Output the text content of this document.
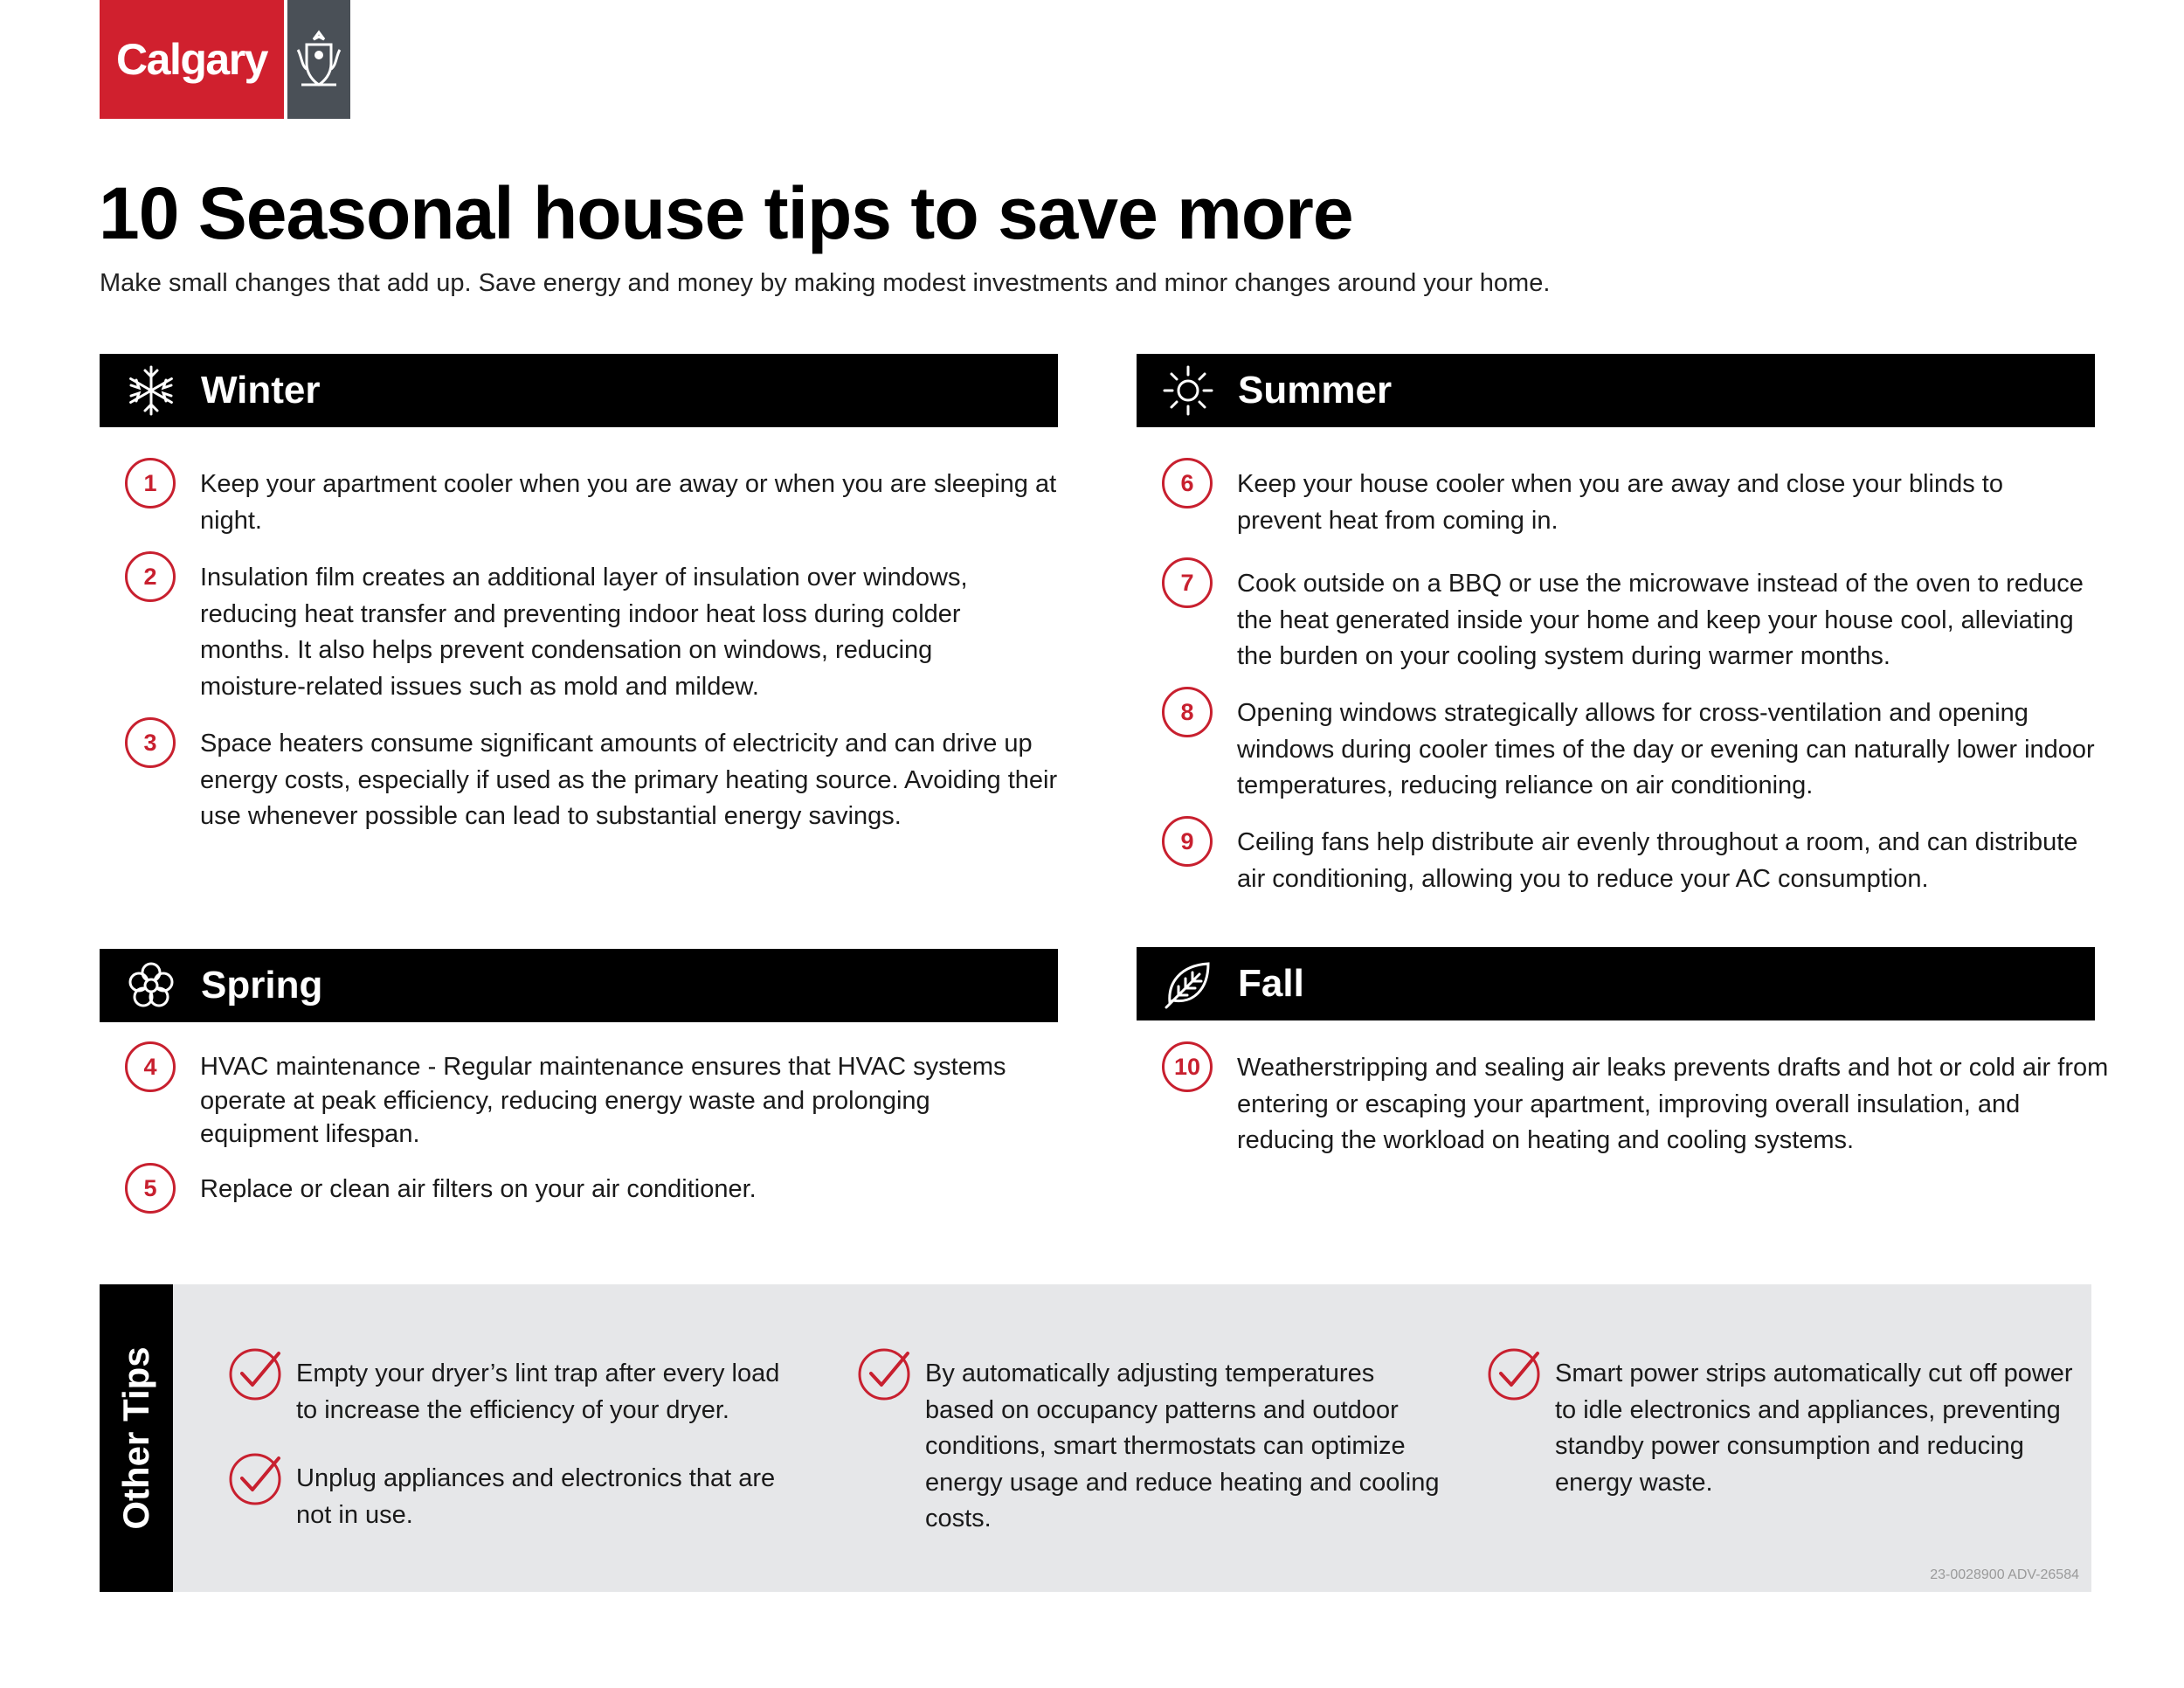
Calgary
10 Seasonal house tips to save more
Make small changes that add up. Save energy and money by making modest investments and minor changes around your home.
Winter
1	Keep your apartment cooler when you are away or when you are sleeping at night.
2	Insulation film creates an additional layer of insulation over windows, reducing heat transfer and preventing indoor heat loss during colder months. It also helps prevent condensation on windows, reducing moisture-related issues such as mold and mildew.
3	Space heaters consume significant amounts of electricity and can drive up energy costs, especially if used as the primary heating source. Avoiding their use whenever possible can lead to substantial energy savings.
Summer
6	Keep your house cooler when you are away and close your blinds to prevent heat from coming in.
7	Cook outside on a BBQ or use the microwave instead of the oven to reduce the heat generated inside your home and keep your house cool, alleviating the burden on your cooling system during warmer months.
8	Opening windows strategically allows for cross-ventilation and opening windows during cooler times of the day or evening can naturally lower indoor temperatures, reducing reliance on air conditioning.
9	Ceiling fans help distribute air evenly throughout a room, and can distribute air conditioning, allowing you to reduce your AC consumption.
Spring
4	HVAC maintenance - Regular maintenance ensures that HVAC systems operate at peak efficiency, reducing energy waste and prolonging equipment lifespan.
5	Replace or clean air filters on your air conditioner.
Fall
10	Weatherstripping and sealing air leaks prevents drafts and hot or cold air from entering or escaping your apartment, improving overall insulation, and reducing the workload on heating and cooling systems.
Other Tips	Empty your dryer’s lint trap after every load to increase the efficiency of your dryer.
Unplug appliances and electronics that are not in use.
By automatically adjusting temperatures based on occupancy patterns and outdoor conditions, smart thermostats can optimize energy usage and reduce heating and cooling costs.
Smart power strips automatically cut off power to idle electronics and appliances, preventing standby power consumption and reducing energy waste.
23-0028900 ADV-26584
